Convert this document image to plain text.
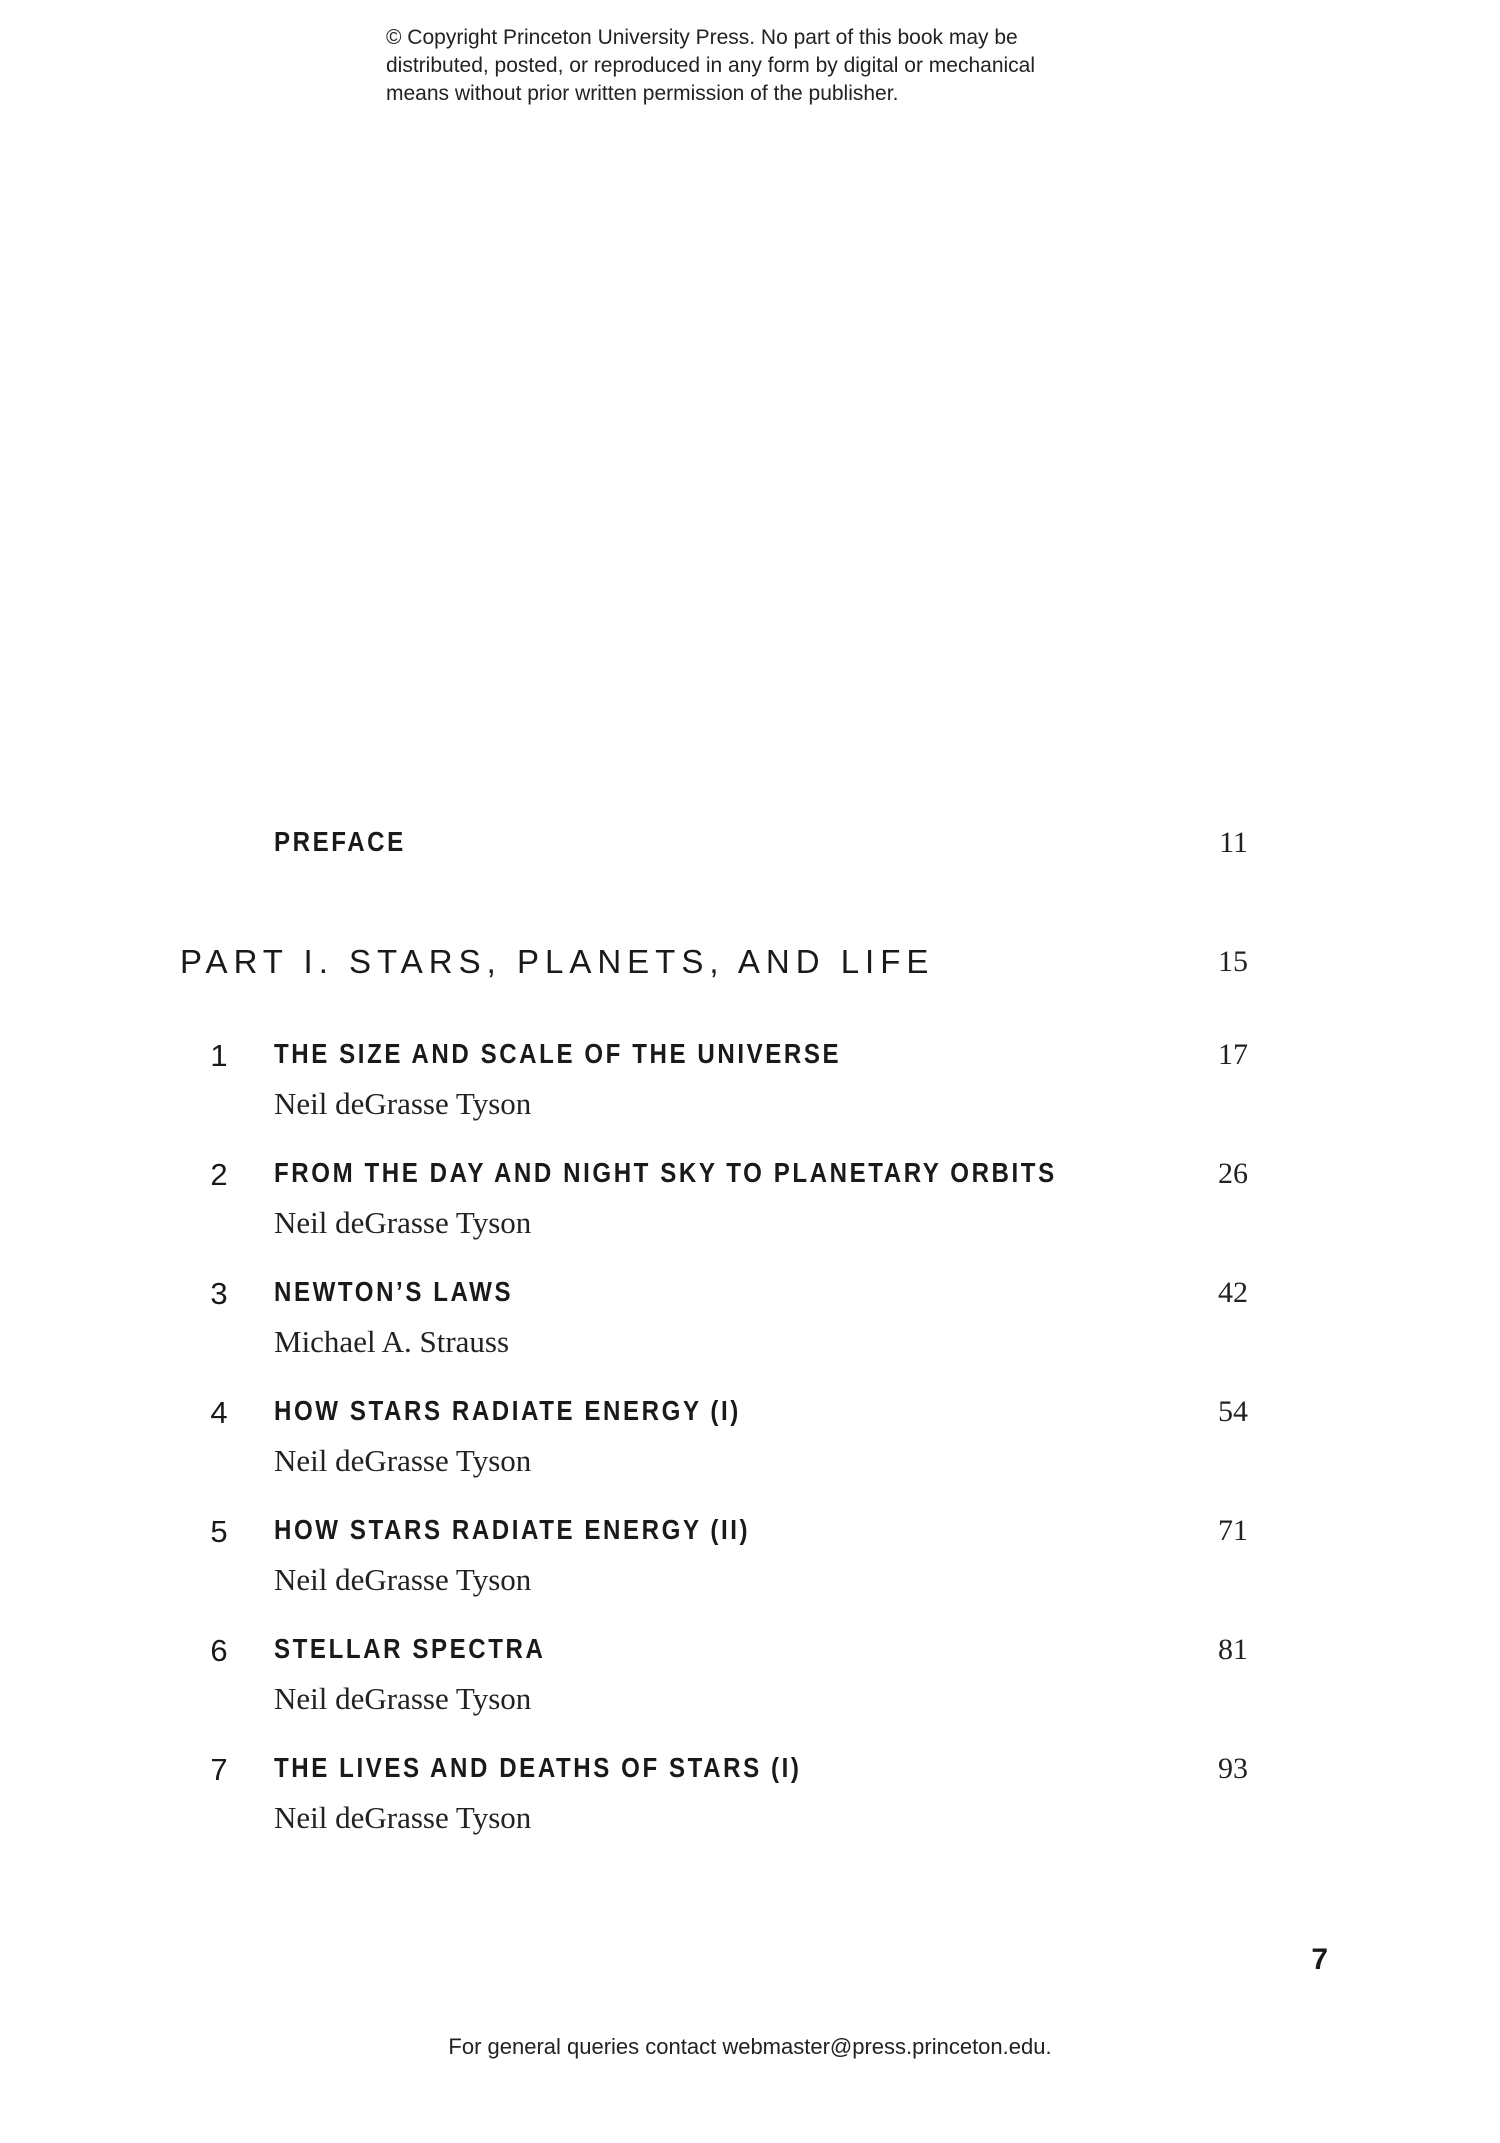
© Copyright Princeton University Press. No part of this book may be
distributed, posted, or reproduced in any form by digital or mechanical
means without prior written permission of the publisher.
PREFACE	11
PART I. STARS, PLANETS, AND LIFE	15
1 THE SIZE AND SCALE OF THE UNIVERSE	17
Neil deGrasse Tyson
2 FROM THE DAY AND NIGHT SKY TO PLANETARY ORBITS	26
Neil deGrasse Tyson
3 NEWTON’S LAWS	42
Michael A. Strauss
4 HOW STARS RADIATE ENERGY (I)	54
Neil deGrasse Tyson
5 HOW STARS RADIATE ENERGY (II)	71
Neil deGrasse Tyson
6 STELLAR SPECTRA	81
Neil deGrasse Tyson
7 THE LIVES AND DEATHS OF STARS (I)	93
Neil deGrasse Tyson
7
For general queries contact webmaster@press.princeton.edu.
